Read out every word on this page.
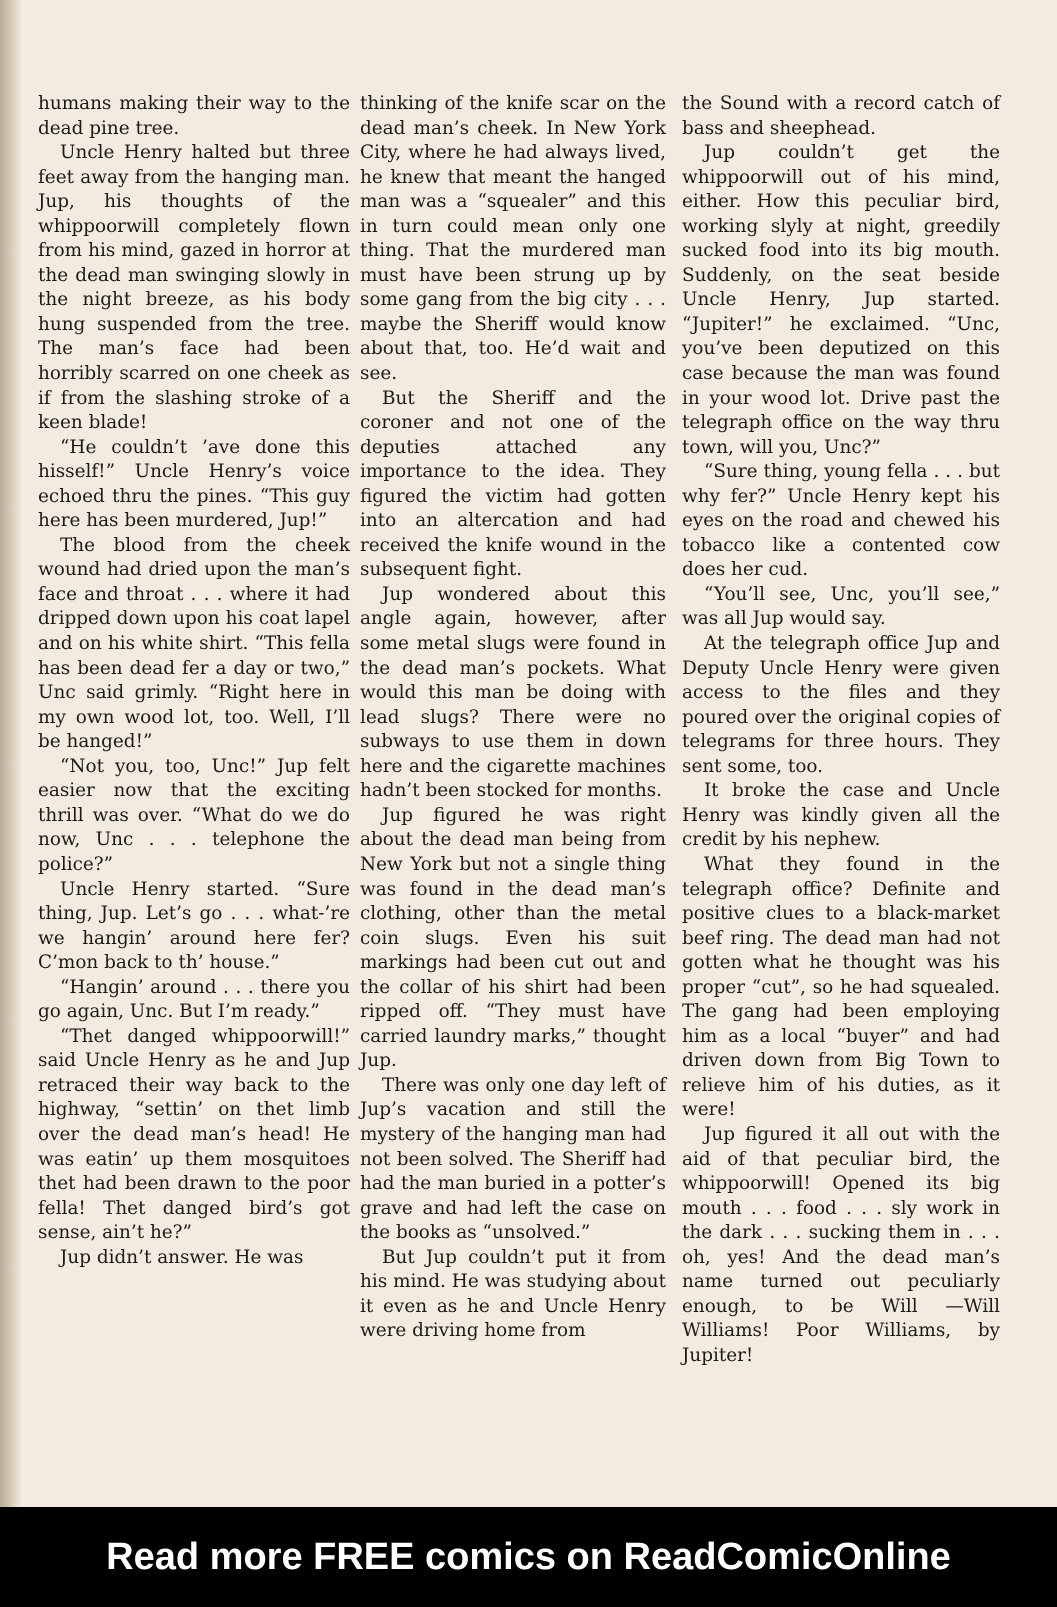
humans making their way to the dead pine tree.

Uncle Henry halted but three feet away from the hanging man. Jup, his thoughts of the whippoorwill completely flown from his mind, gazed in horror at the dead man swinging slowly in the night breeze, as his body hung suspended from the tree. The man’s face had been horribly scarred on one cheek as if from the slashing stroke of a keen blade!

“He couldn’t ’ave done this hisself!” Uncle Henry’s voice echoed thru the pines. “This guy here has been murdered, Jup!”

The blood from the cheek wound had dried upon the man’s face and throat . . . where it had dripped down upon his coat lapel and on his white shirt. “This fella has been dead fer a day or two,” Unc said grimly. “Right here in my own wood lot, too. Well, I’ll be hanged!”

“Not you, too, Unc!” Jup felt easier now that the exciting thrill was over. “What do we do now, Unc . . . telephone the police?”

Uncle Henry started. “Sure thing, Jup. Let’s go . . . what-’re we hangin’ around here fer? C’mon back to th’ house.”

“Hangin’ around . . . there you go again, Unc. But I’m ready.”

“Thet danged whippoorwill!” said Uncle Henry as he and Jup retraced their way back to the highway, “settin’ on thet limb over the dead man’s head! He was eatin’ up them mosquitoes thet had been drawn to the poor fella! Thet danged bird’s got sense, ain’t he?”

Jup didn’t answer. He was

thinking of the knife scar on the dead man’s cheek. In New York City, where he had always lived, he knew that meant the hanged man was a “squealer” and this in turn could mean only one thing. That the murdered man must have been strung up by some gang from the big city . . . maybe the Sheriff would know about that, too. He’d wait and see.

But the Sheriff and the coroner and not one of the deputies attached any importance to the idea. They figured the victim had gotten into an altercation and had received the knife wound in the subsequent fight.

Jup wondered about this angle again, however, after some metal slugs were found in the dead man’s pockets. What would this man be doing with lead slugs? There were no subways to use them in down here and the cigarette machines hadn’t been stocked for months.

Jup figured he was right about the dead man being from New York but not a single thing was found in the dead man’s clothing, other than the metal coin slugs. Even his suit markings had been cut out and the collar of his shirt had been ripped off. “They must have carried laundry marks,” thought Jup.

There was only one day left of Jup’s vacation and still the mystery of the hanging man had not been solved. The Sheriff had had the man buried in a potter’s grave and had left the case on the books as “unsolved.”

But Jup couldn’t put it from his mind. He was studying about it even as he and Uncle Henry were driving home from

the Sound with a record catch of bass and sheephead.

Jup couldn’t get the whippoorwill out of his mind, either. How this peculiar bird, working slyly at night, greedily sucked food into its big mouth. Suddenly, on the seat beside Uncle Henry, Jup started. “Jupiter!” he exclaimed. “Unc, you’ve been deputized on this case because the man was found in your wood lot. Drive past the telegraph office on the way thru town, will you, Unc?”

“Sure thing, young fella . . . but why fer?” Uncle Henry kept his eyes on the road and chewed his tobacco like a contented cow does her cud.

“You’ll see, Unc, you’ll see,” was all Jup would say.

At the telegraph office Jup and Deputy Uncle Henry were given access to the files and they poured over the original copies of telegrams for three hours. They sent some, too.

It broke the case and Uncle Henry was kindly given all the credit by his nephew.

What they found in the telegraph office? Definite and positive clues to a black-market beef ring. The dead man had not gotten what he thought was his proper “cut”, so he had squealed. The gang had been employing him as a local “buyer” and had driven down from Big Town to relieve him of his duties, as it were!

Jup figured it all out with the aid of that peculiar bird, the whippoorwill! Opened its big mouth . . . food . . . sly work in the dark . . . sucking them in . . . oh, yes! And the dead man’s name turned out peculiarly enough, to be Will —Will Williams! Poor Williams, by Jupiter!

Read more FREE comics on ReadComicOnline
